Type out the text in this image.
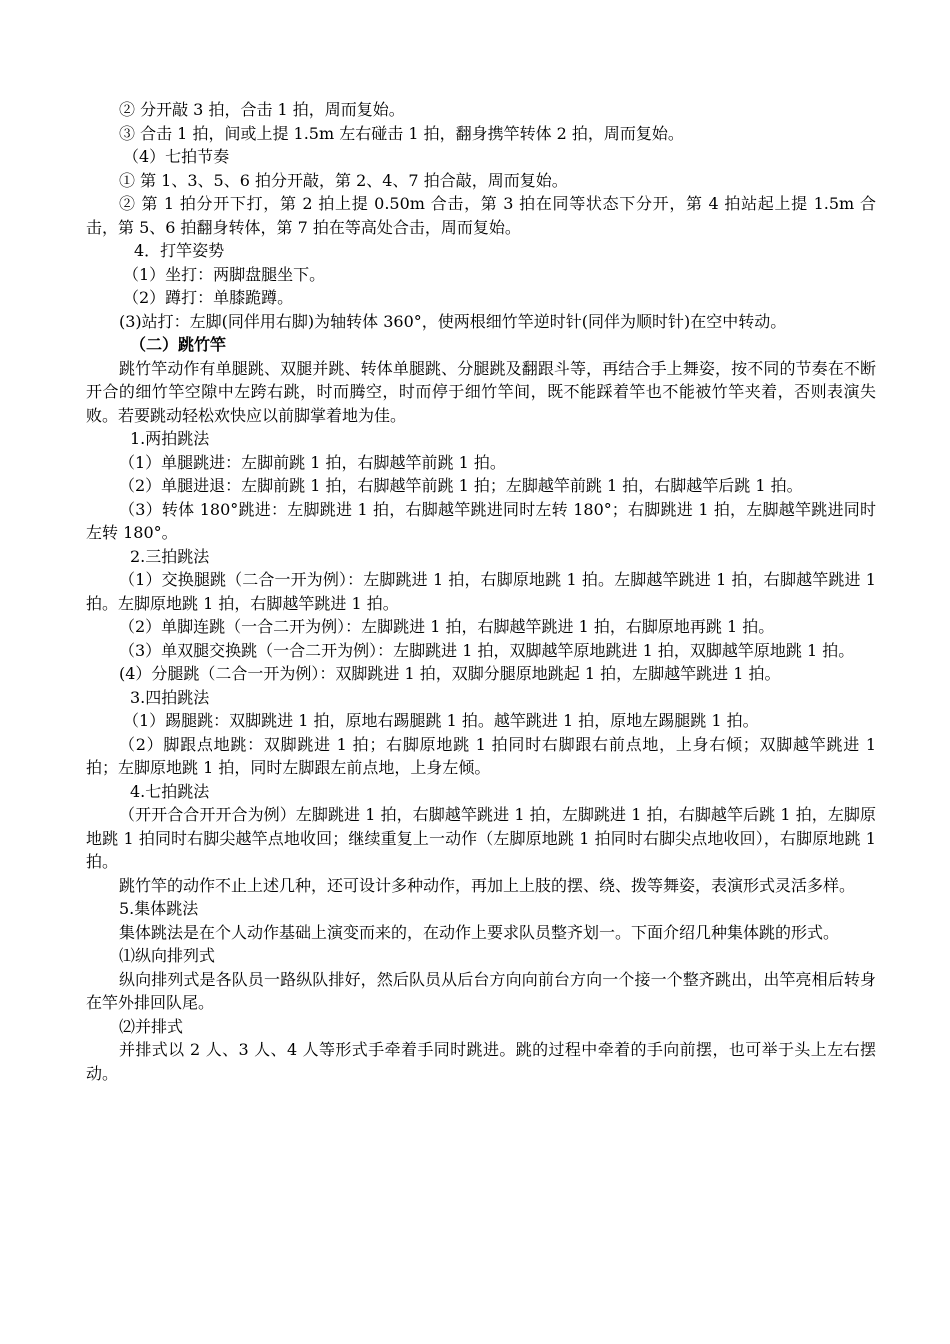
② 分开敲 3 拍，合击 1 拍，周而复始。

③ 合击 1 拍，间或上提 1.5m 左右碰击 1 拍，翻身携竿转体 2 拍，周而复始。

（4）七拍节奏

① 第 1、3、5、6 拍分开敲，第 2、4、7 拍合敲，周而复始。

② 第 1 拍分开下打，第 2 拍上提 0.50m 合击，第 3 拍在同等状态下分开，第 4 拍站起上提 1.5m 合击，第 5、6 拍翻身转体，第 7 拍在等高处合击，周而复始。

4．打竿姿势

（1）坐打：两脚盘腿坐下。

（2）蹲打：单膝跪蹲。

(3)站打：左脚(同伴用右脚)为轴转体 360°，使两根细竹竿逆时针(同伴为顺时针)在空中转动。

（二）跳竹竿

跳竹竿动作有单腿跳、双腿并跳、转体单腿跳、分腿跳及翻跟斗等，再结合手上舞姿，按不同的节奏在不断开合的细竹竿空隙中左跨右跳，时而腾空，时而停于细竹竿间，既不能踩着竿也不能被竹竿夹着，否则表演失败。若要跳动轻松欢快应以前脚掌着地为佳。

1.两拍跳法

（1）单腿跳进：左脚前跳 1 拍，右脚越竿前跳 1 拍。

（2）单腿进退：左脚前跳 1 拍，右脚越竿前跳 1 拍；左脚越竿前跳 1 拍，右脚越竿后跳 1 拍。

（3）转体 180°跳进：左脚跳进 1 拍，右脚越竿跳进同时左转 180°；右脚跳进 1 拍，左脚越竿跳进同时左转 180°。

2.三拍跳法

（1）交换腿跳（二合一开为例）：左脚跳进 1 拍，右脚原地跳 1 拍。左脚越竿跳进 1 拍，右脚越竿跳进 1 拍。左脚原地跳 1 拍，右脚越竿跳进 1 拍。

（2）单脚连跳（一合二开为例）：左脚跳进 1 拍，右脚越竿跳进 1 拍，右脚原地再跳 1 拍。

（3）单双腿交换跳（一合二开为例）：左脚跳进 1 拍，双脚越竿原地跳进 1 拍，双脚越竿原地跳 1 拍。

(4）分腿跳（二合一开为例）：双脚跳进 1 拍，双脚分腿原地跳起 1 拍，左脚越竿跳进 1 拍。

3.四拍跳法

（1）踢腿跳：双脚跳进 1 拍，原地右踢腿跳 1 拍。越竿跳进 1 拍，原地左踢腿跳 1 拍。

（2）脚跟点地跳：双脚跳进 1 拍；右脚原地跳 1 拍同时右脚跟右前点地，上身右倾；双脚越竿跳进 1 拍；左脚原地跳 1 拍，同时左脚跟左前点地，上身左倾。

4.七拍跳法

（开开合合开开合为例）左脚跳进 1 拍，右脚越竿跳进 1 拍，左脚跳进 1 拍，右脚越竿后跳 1 拍，左脚原地跳 1 拍同时右脚尖越竿点地收回；继续重复上一动作（左脚原地跳 1 拍同时右脚尖点地收回），右脚原地跳 1 拍。

跳竹竿的动作不止上述几种，还可设计多种动作，再加上上肢的摆、绕、拨等舞姿，表演形式灵活多样。

5.集体跳法

集体跳法是在个人动作基础上演变而来的，在动作上要求队员整齐划一。下面介绍几种集体跳的形式。

⑴纵向排列式

纵向排列式是各队员一路纵队排好，然后队员从后台方向向前台方向一个接一个整齐跳出，出竿亮相后转身在竿外排回队尾。

⑵并排式

并排式以 2 人、3 人、4 人等形式手牵着手同时跳进。跳的过程中牵着的手向前摆，也可举于头上左右摆动。
